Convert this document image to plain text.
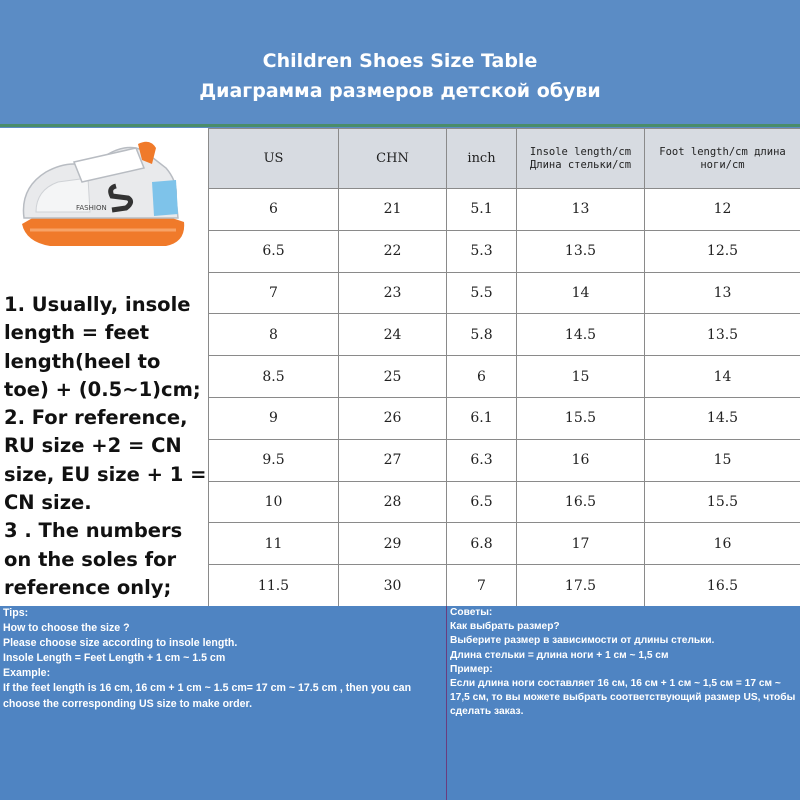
Children Shoes Size Table
Диаграмма размеров детской обуви
FASHION

1. Usually, insole length = feet length(heel to toe) + (0.5~1)cm;

2. For reference, RU size +2 = CN size, EU size + 1 = CN size.

3 . The numbers on the soles for reference only;

US	CHN	inch	Insole length/cm Длина стельки/cm	Foot length/cm длина ноги/cm
6	21	5.1	13	12
6.5	22	5.3	13.5	12.5
7	23	5.5	14	13
8	24	5.8	14.5	13.5
8.5	25	6	15	14
9	26	6.1	15.5	14.5
9.5	27	6.3	16	15
10	28	6.5	16.5	15.5
11	29	6.8	17	16
11.5	30	7	17.5	16.5
Tips:
How to choose the size ?
Please choose size according to insole length.
Insole Length = Feet Length + 1 cm ~ 1.5 cm
Example:
If the feet length is 16 cm, 16 cm + 1 cm ~ 1.5 cm= 17 cm ~ 17.5 cm , then you can choose the corresponding US size to make order.
Советы:
Как выбрать размер?
Выберите размер в зависимости от длины стельки.
Длина стельки = длина ноги + 1 см ~ 1,5 см
Пример:
Если длина ноги составляет 16 см, 16 см + 1 см ~ 1,5 см = 17 см ~ 17,5 см, то вы можете выбрать соответствующий размер US, чтобы сделать заказ.
